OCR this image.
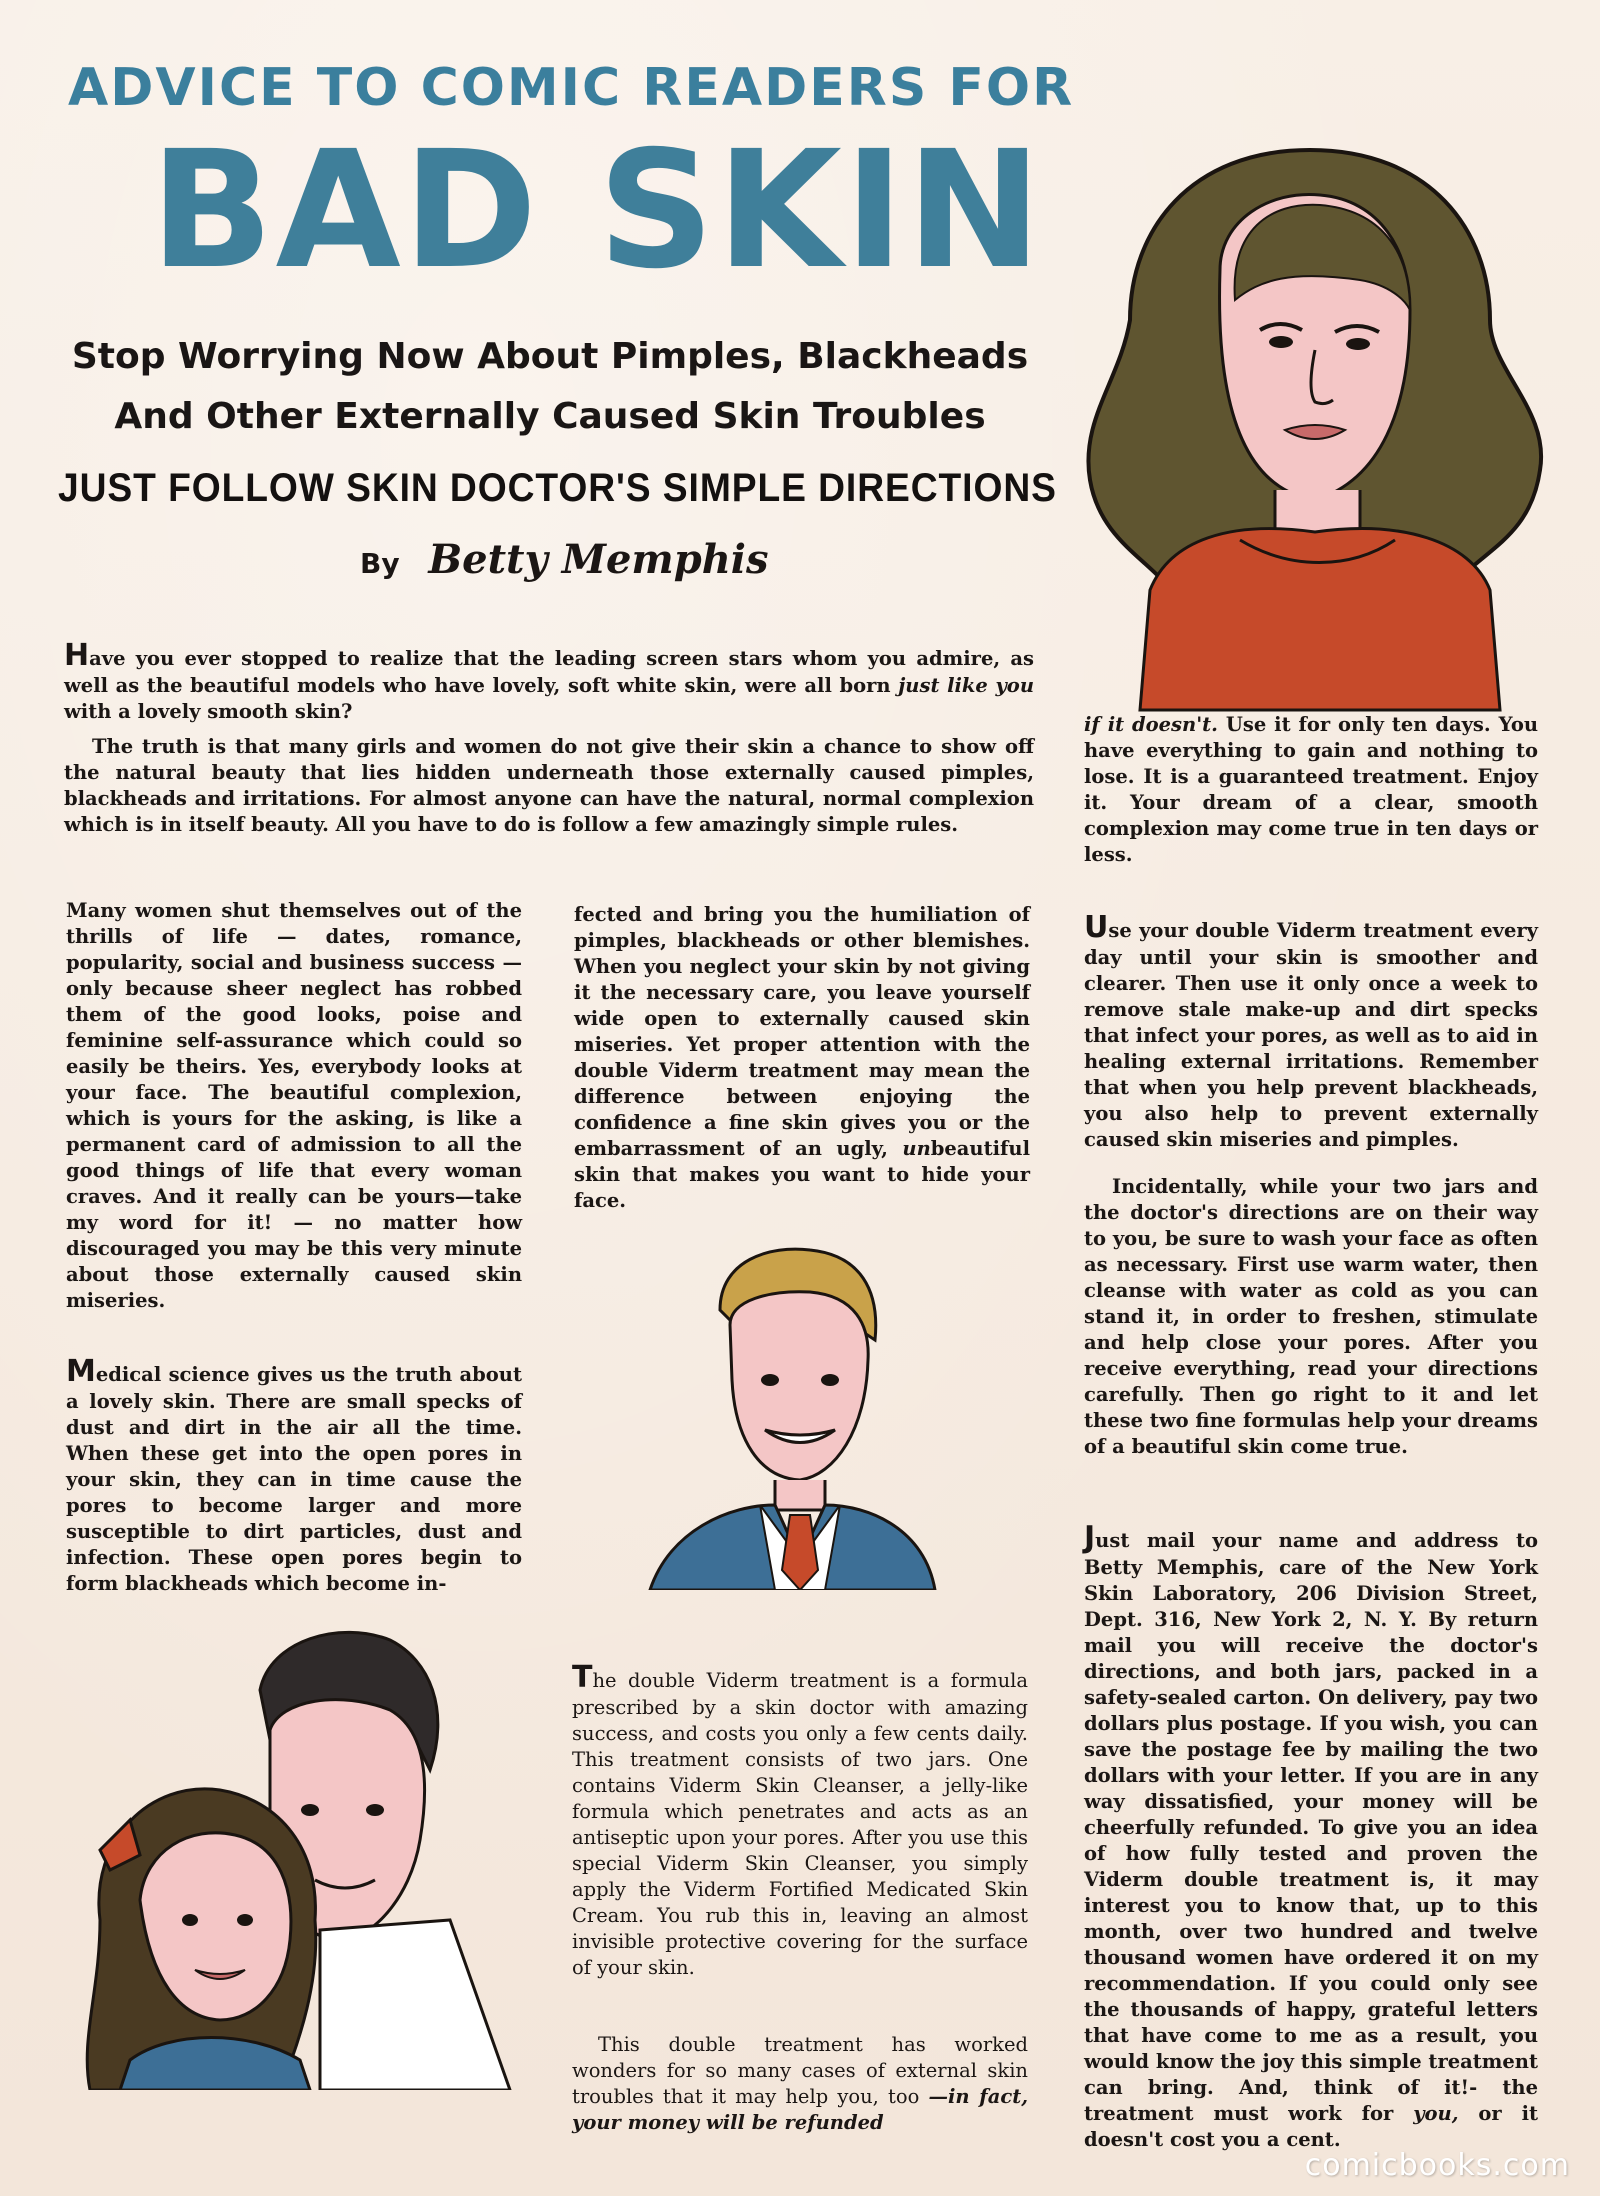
ADVICE TO COMIC READERS FOR
BAD SKIN
Stop Worrying Now About Pimples, Blackheads
And Other Externally Caused Skin Troubles
JUST FOLLOW SKIN DOCTOR'S SIMPLE DIRECTIONS
By Betty Memphis

Have you ever stopped to realize that the leading screen stars whom you admire, as well as the beautiful models who have lovely, soft white skin, were all born just like you with a lovely smooth skin?

The truth is that many girls and women do not give their skin a chance to show off the natural beauty that lies hidden underneath those externally caused pimples, blackheads and irritations. For almost anyone can have the natural, normal complexion which is in itself beauty. All you have to do is follow a few amazingly simple rules.

Many women shut themselves out of the thrills of life — dates, romance, popularity, social and business success —only because sheer neglect has robbed them of the good looks, poise and feminine self-assurance which could so easily be theirs. Yes, everybody looks at your face. The beautiful complexion, which is yours for the asking, is like a permanent card of admission to all the good things of life that every woman craves. And it really can be yours—take my word for it! — no matter how discouraged you may be this very minute about those externally caused skin miseries.

Medical science gives us the truth about a lovely skin. There are small specks of dust and dirt in the air all the time. When these get into the open pores in your skin, they can in time cause the pores to become larger and more susceptible to dirt particles, dust and infection. These open pores begin to form blackheads which become in-

fected and bring you the humiliation of pimples, blackheads or other blemishes. When you neglect your skin by not giving it the necessary care, you leave yourself wide open to externally caused skin miseries. Yet proper attention with the double Viderm treatment may mean the difference between enjoying the confidence a fine skin gives you or the embarrassment of an ugly, unbeautiful skin that makes you want to hide your face.

The double Viderm treatment is a formula prescribed by a skin doctor with amazing success, and costs you only a few cents daily. This treatment consists of two jars. One contains Viderm Skin Cleanser, a jelly-like formula which penetrates and acts as an antiseptic upon your pores. After you use this special Viderm Skin Cleanser, you simply apply the Viderm Fortified Medicated Skin Cream. You rub this in, leaving an almost invisible protective covering for the surface of your skin.

This double treatment has worked wonders for so many cases of external skin troubles that it may help you, too —in fact, your money will be refunded

if it doesn't. Use it for only ten days. You have everything to gain and nothing to lose. It is a guaranteed treatment. Enjoy it. Your dream of a clear, smooth complexion may come true in ten days or less.

Use your double Viderm treatment every day until your skin is smoother and clearer. Then use it only once a week to remove stale make-up and dirt specks that infect your pores, as well as to aid in healing external irritations. Remember that when you help prevent blackheads, you also help to prevent externally caused skin miseries and pimples.

Incidentally, while your two jars and the doctor's directions are on their way to you, be sure to wash your face as often as necessary. First use warm water, then cleanse with water as cold as you can stand it, in order to freshen, stimulate and help close your pores. After you receive everything, read your directions carefully. Then go right to it and let these two fine formulas help your dreams of a beautiful skin come true.

Just mail your name and address to Betty Memphis, care of the New York Skin Laboratory, 206 Division Street, Dept. 316, New York 2, N. Y. By return mail you will receive the doctor's directions, and both jars, packed in a safety-sealed carton. On delivery, pay two dollars plus postage. If you wish, you can save the postage fee by mailing the two dollars with your letter. If you are in any way dissatisfied, your money will be cheerfully refunded. To give you an idea of how fully tested and proven the Viderm double treatment is, it may interest you to know that, up to this month, over two hundred and twelve thousand women have ordered it on my recommendation. If you could only see the thousands of happy, grateful letters that have come to me as a result, you would know the joy this simple treatment can bring. And, think of it!- the treatment must work for you, or it doesn't cost you a cent.

comicbooks.com
